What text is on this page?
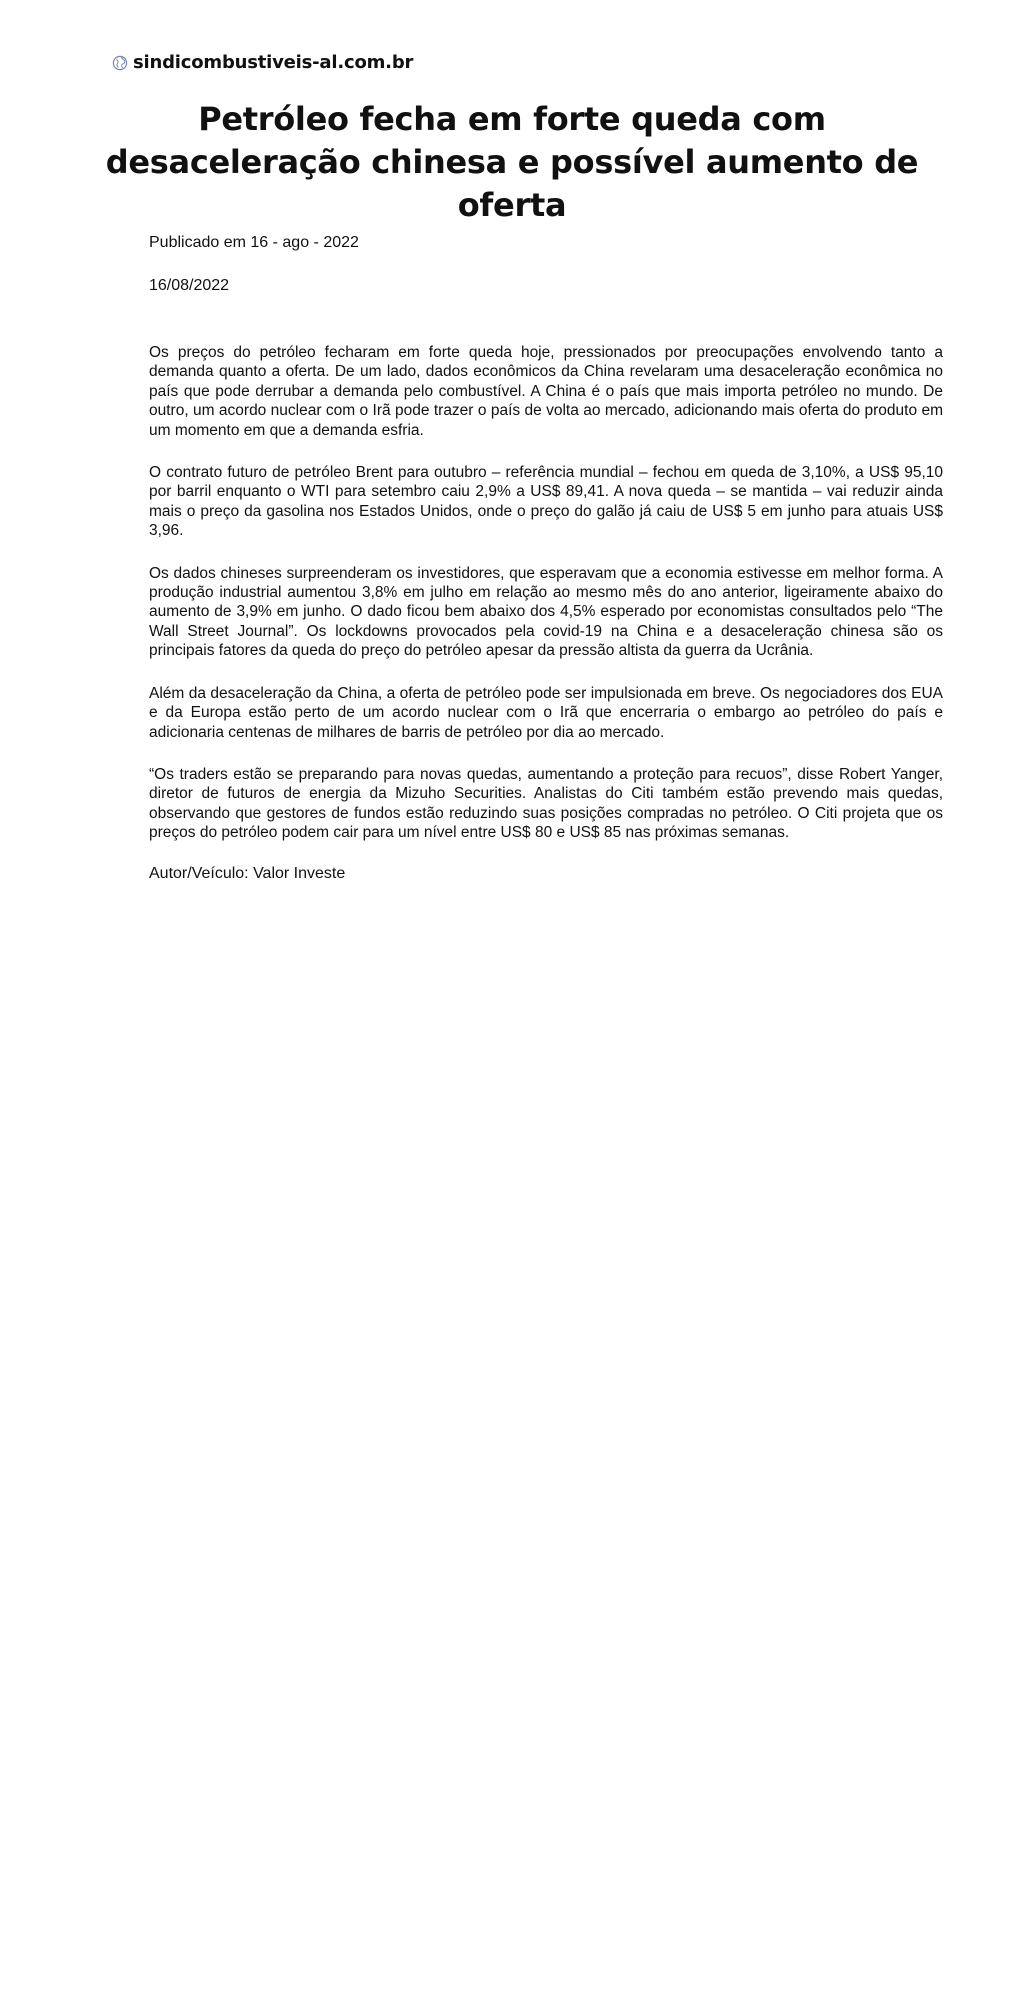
sindicombustiveis-al.com.br
Petróleo fecha em forte queda com desaceleração chinesa e possível aumento de oferta

Publicado em 16 - ago - 2022

16/08/2022

Os preços do petróleo fecharam em forte queda hoje, pressionados por preocupações envolvendo tanto a demanda quanto a oferta. De um lado, dados econômicos da China revelaram uma desaceleração econômica no país que pode derrubar a demanda pelo combustível. A China é o país que mais importa petróleo no mundo. De outro, um acordo nuclear com o Irã pode trazer o país de volta ao mercado, adicionando mais oferta do produto em um momento em que a demanda esfria.

O contrato futuro de petróleo Brent para outubro – referência mundial – fechou em queda de 3,10%, a US$ 95,10 por barril enquanto o WTI para setembro caiu 2,9% a US$ 89,41. A nova queda – se mantida – vai reduzir ainda mais o preço da gasolina nos Estados Unidos, onde o preço do galão já caiu de US$ 5 em junho para atuais US$ 3,96.

Os dados chineses surpreenderam os investidores, que esperavam que a economia estivesse em melhor forma. A produção industrial aumentou 3,8% em julho em relação ao mesmo mês do ano anterior, ligeiramente abaixo do aumento de 3,9% em junho. O dado ficou bem abaixo dos 4,5% esperado por economistas consultados pelo “The Wall Street Journal”. Os lockdowns provocados pela covid-19 na China e a desaceleração chinesa são os principais fatores da queda do preço do petróleo apesar da pressão altista da guerra da Ucrânia.

Além da desaceleração da China, a oferta de petróleo pode ser impulsionada em breve. Os negociadores dos EUA e da Europa estão perto de um acordo nuclear com o Irã que encerraria o embargo ao petróleo do país e adicionaria centenas de milhares de barris de petróleo por dia ao mercado.

“Os traders estão se preparando para novas quedas, aumentando a proteção para recuos”, disse Robert Yanger, diretor de futuros de energia da Mizuho Securities. Analistas do Citi também estão prevendo mais quedas, observando que gestores de fundos estão reduzindo suas posições compradas no petróleo. O Citi projeta que os preços do petróleo podem cair para um nível entre US$ 80 e US$ 85 nas próximas semanas.

Autor/Veículo: Valor Investe
